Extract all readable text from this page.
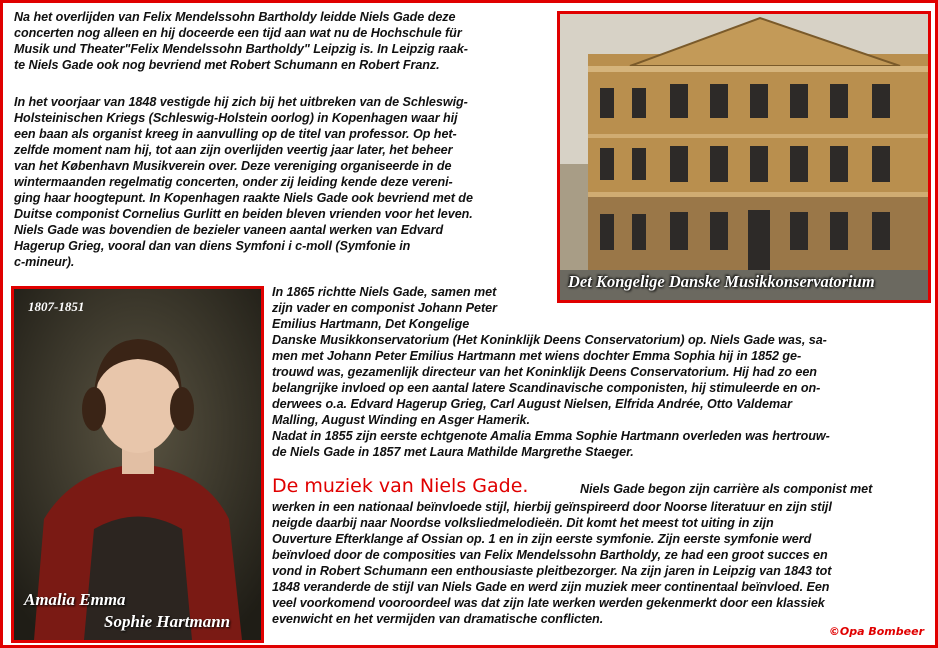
Na het overlijden van Felix Mendelssohn Bartholdy leidde Niels Gade deze

concerten nog alleen en hij doceerde een tijd aan wat nu de Hochschule für

Musik und Theater"Felix Mendelssohn Bartholdy" Leipzig is. In Leipzig raak-

te Niels Gade ook nog bevriend met Robert Schumann en Robert Franz.

In het voorjaar van 1848 vestigde hij zich bij het uitbreken van de Schleswig-

Holsteinischen Kriegs (Schleswig-Holstein oorlog) in Kopenhagen waar hij

een baan als organist kreeg in aanvulling op de titel van professor. Op het-

zelfde moment nam hij, tot aan zijn overlijden veertig jaar later, het beheer

van het København Musikverein over. Deze vereniging organiseerde in de

wintermaanden regelmatig concerten, onder zij leiding kende deze vereni-

ging haar hoogtepunt. In Kopenhagen raakte Niels Gade ook bevriend met de

Duitse componist Cornelius Gurlitt en beiden bleven vrienden voor het leven.

Niels Gade was bovendien de bezieler vaneen aantal werken van Edvard

Hagerup Grieg, vooral dan van diens Symfoni i c-moll (Symfonie in

c-mineur).

In 1865 richtte Niels Gade, samen met

zijn vader en componist Johann Peter

Emilius Hartmann, Det Kongelige

Danske Musikkonservatorium (Het Koninklijk Deens Conservatorium) op. Niels Gade was, sa-

men met Johann Peter Emilius Hartmann met wiens dochter Emma Sophia hij in 1852 ge-

trouwd was, gezamenlijk directeur van het Koninklijk Deens Conservatorium. Hij had zo een

belangrijke invloed op een aantal latere Scandinavische componisten, hij stimuleerde en on-

derwees o.a. Edvard Hagerup Grieg, Carl August Nielsen, Elfrida Andrée, Otto Valdemar

Malling, August Winding en Asger Hamerik.

Nadat in 1855 zijn eerste echtgenote Amalia Emma Sophie Hartmann overleden was hertrouw-

de Niels Gade in 1857 met Laura Mathilde Margrethe Staeger.

De muziek van Niels Gade.	Niels Gade begon zijn carrière als componist met

werken in een nationaal beïnvloede stijl, hierbij geïnspireerd door Noorse literatuur en zijn stijl

neigde daarbij naar Noordse volksliedmelodieën. Dit komt het meest tot uiting in zijn

Ouverture Efterklange af Ossian op. 1 en in zijn eerste symfonie. Zijn eerste symfonie werd

beïnvloed door de composities van Felix Mendelssohn Bartholdy, ze had een groot succes en

vond in Robert Schumann een enthousiaste pleitbezorger. Na zijn jaren in Leipzig van 1843 tot

1848 veranderde de stijl van Niels Gade en werd zijn muziek meer continentaal beïnvloed. Een

veel voorkomend vooroordeel was dat zijn late werken werden gekenmerkt door een klassiek

evenwicht en het vermijden van dramatische conflicten.

Det Kongelige Danske Musikkonservatorium
1807-1851
Amalia Emma
Sophie Hartmann
©Opa Bombeer
